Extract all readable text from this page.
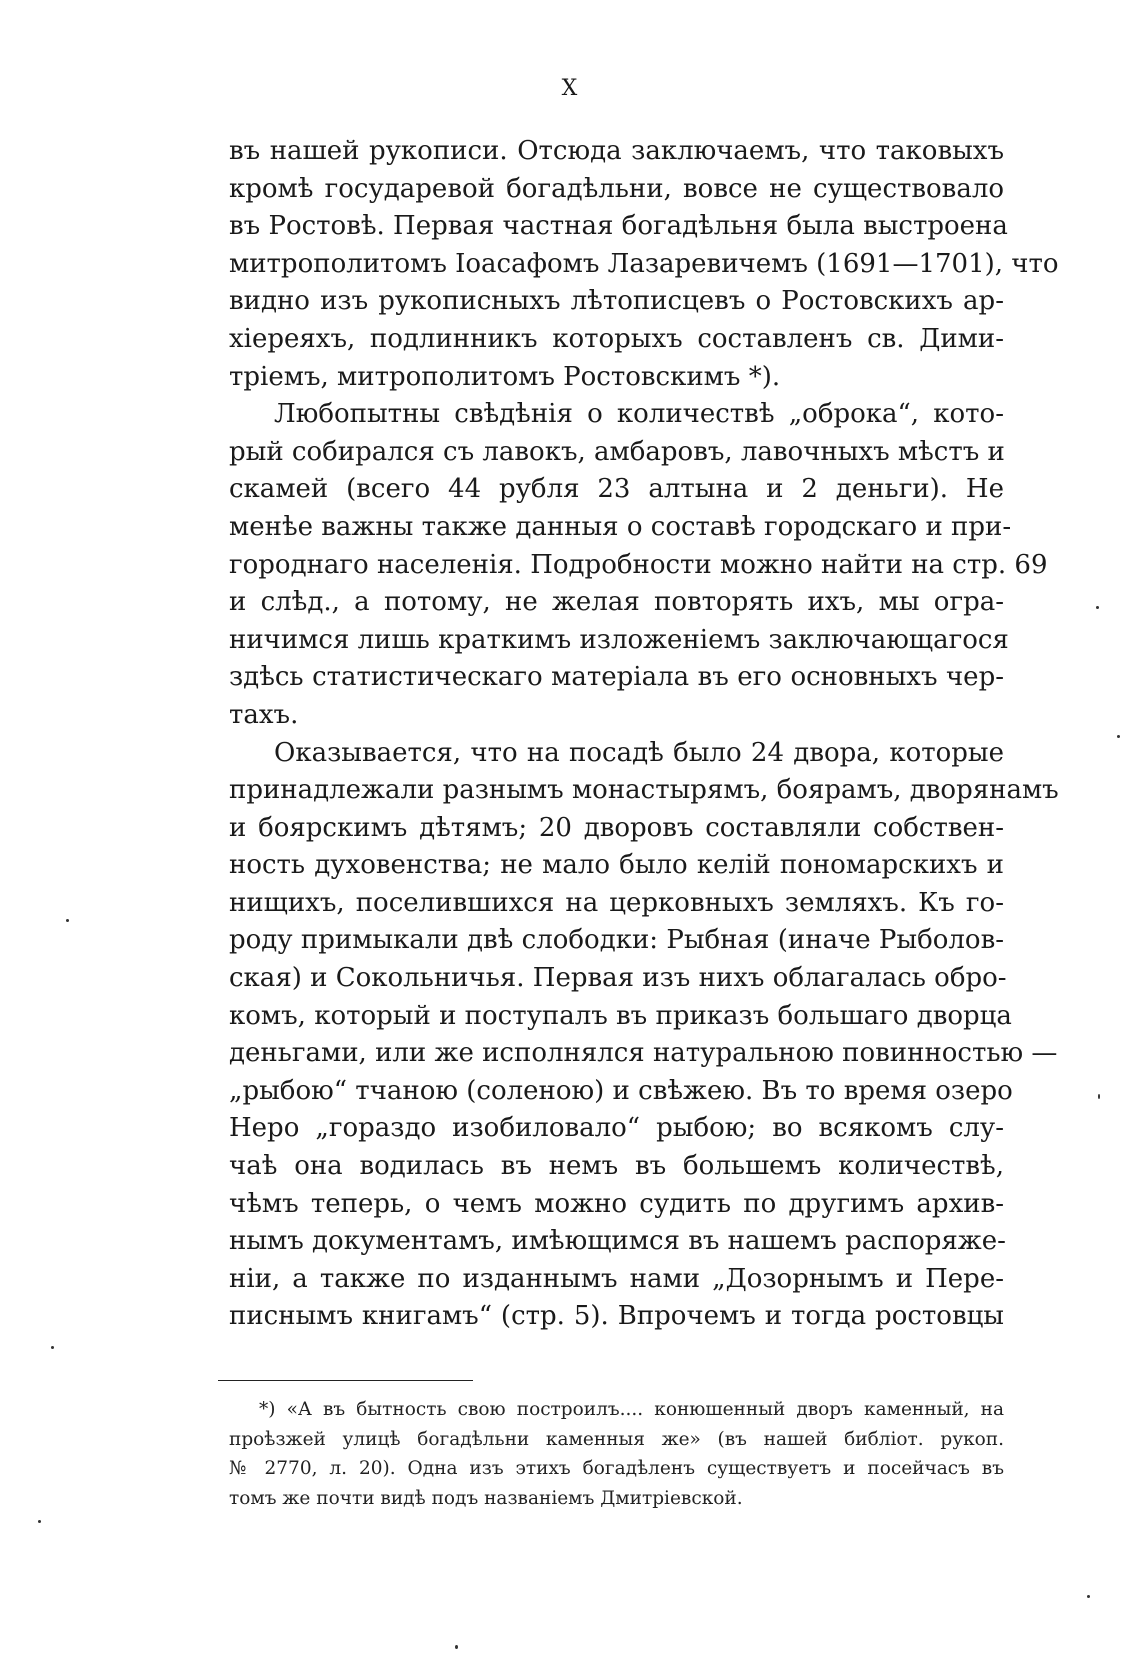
X
въ нашей рукописи. Отсюда заключаемъ, что таковыхъ
кромѣ государевой богадѣльни, вовсе не существовало
въ Ростовѣ. Первая частная богадѣльня была выстроена
митрополитомъ Іоасафомъ Лазаревичемъ (1691—1701), что
видно изъ рукописныхъ лѣтописцевъ о Ростовскихъ ар-
хіереяхъ, подлинникъ которыхъ составленъ св. Дими-
тріемъ, митрополитомъ Ростовскимъ *).
Любопытны свѣдѣнія о количествѣ „оброка“, кото-
рый собирался съ лавокъ, амбаровъ, лавочныхъ мѣстъ и
скамей (всего 44 рубля 23 алтына и 2 деньги). Не
менѣе важны также данныя о составѣ городскаго и при-
городнаго населенія. Подробности можно найти на стр. 69
и слѣд., а потому, не желая повторять ихъ, мы огра-
ничимся лишь краткимъ изложеніемъ заключающагося
здѣсь статистическаго матеріала въ его основныхъ чер-
тахъ.
Оказывается, что на посадѣ было 24 двора, которые
принадлежали разнымъ монастырямъ, боярамъ, дворянамъ
и боярскимъ дѣтямъ; 20 дворовъ составляли собствен-
ность духовенства; не мало было келій пономарскихъ и
нищихъ, поселившихся на церковныхъ земляхъ. Къ го-
роду примыкали двѣ слободки: Рыбная (иначе Рыболов-
ская) и Сокольничья. Первая изъ нихъ облагалась обро-
комъ, который и поступалъ въ приказъ большаго дворца
деньгами, или же исполнялся натуральною повинностью —
„рыбою“ тчаною (соленою) и свѣжею. Въ то время озеро
Неро „гораздо изобиловало“ рыбою; во всякомъ слу-
чаѣ она водилась въ немъ въ большемъ количествѣ,
чѣмъ теперь, о чемъ можно судить по другимъ архив-
нымъ документамъ, имѣющимся въ нашемъ распоряже-
ніи, а также по изданнымъ нами „Дозорнымъ и Пере-
писнымъ книгамъ“ (стр. 5). Впрочемъ и тогда ростовцы
*) «А въ бытность свою построилъ.... конюшенный дворъ каменный, на
проѣзжей улицѣ богадѣльни каменныя же» (въ нашей библіот. рукоп.
№ 2770, л. 20). Одна изъ этихъ богадѣленъ существуетъ и посейчасъ въ
томъ же почти видѣ подъ названіемъ Дмитріевской.
